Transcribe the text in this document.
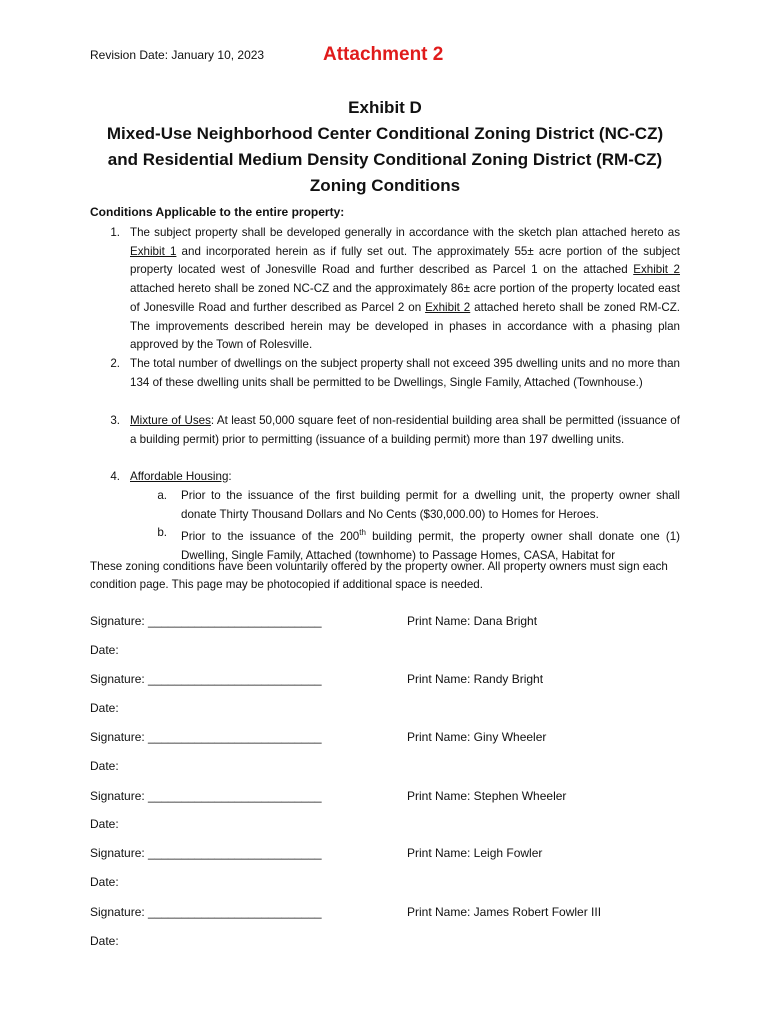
Revision Date: January 10, 2023	Attachment 2
Exhibit D
Mixed-Use Neighborhood Center Conditional Zoning District (NC-CZ)
and Residential Medium Density Conditional Zoning District (RM-CZ)
Zoning Conditions
Conditions Applicable to the entire property:
1. The subject property shall be developed generally in accordance with the sketch plan attached hereto as Exhibit 1 and incorporated herein as if fully set out. The approximately 55± acre portion of the subject property located west of Jonesville Road and further described as Parcel 1 on the attached Exhibit 2 attached hereto shall be zoned NC-CZ and the approximately 86± acre portion of the property located east of Jonesville Road and further described as Parcel 2 on Exhibit 2 attached hereto shall be zoned RM-CZ. The improvements described herein may be developed in phases in accordance with a phasing plan approved by the Town of Rolesville.
2. The total number of dwellings on the subject property shall not exceed 395 dwelling units and no more than 134 of these dwelling units shall be permitted to be Dwellings, Single Family, Attached (Townhouse.)
3. Mixture of Uses: At least 50,000 square feet of non-residential building area shall be permitted (issuance of a building permit) prior to permitting (issuance of a building permit) more than 197 dwelling units.
4. Affordable Housing:
a. Prior to the issuance of the first building permit for a dwelling unit, the property owner shall donate Thirty Thousand Dollars and No Cents ($30,000.00) to Homes for Heroes.
b. Prior to the issuance of the 200th building permit, the property owner shall donate one (1) Dwelling, Single Family, Attached (townhome) to Passage Homes, CASA, Habitat for
These zoning conditions have been voluntarily offered by the property owner. All property owners must sign each condition page. This page may be photocopied if additional space is needed.
Signature: __________________________	Print Name: Dana Bright
Date:
Signature: __________________________	Print Name: Randy Bright
Date:
Signature: __________________________	Print Name: Giny Wheeler
Date:
Signature: __________________________	Print Name: Stephen Wheeler
Date:
Signature: __________________________	Print Name: Leigh Fowler
Date:
Signature: __________________________	Print Name: James Robert Fowler III
Date:
